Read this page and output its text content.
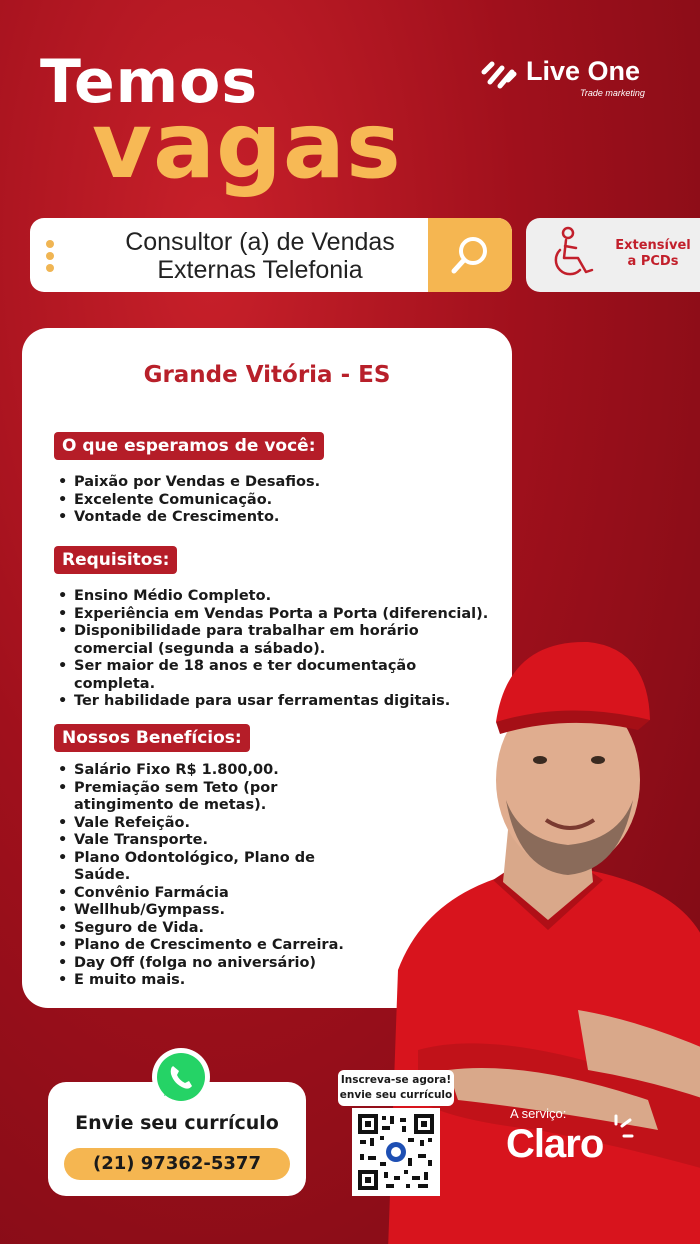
Temos
vagas
Live One
Trade marketing
Consultor (a) de Vendas
Externas Telefonia
Extensível
a PCDs
Grande Vitória - ES
O que esperamos de você:
• Paixão por Vendas e Desafios.
• Excelente Comunicação.
• Vontade de Crescimento.
Requisitos:
• Ensino Médio Completo.
• Experiência em Vendas Porta a Porta (diferencial).
• Disponibilidade para trabalhar em horário comercial (segunda a sábado).
• Ser maior de 18 anos e ter documentação completa.
• Ter habilidade para usar ferramentas digitais.
Nossos Benefícios:
• Salário Fixo R$ 1.800,00.
• Premiação sem Teto (por atingimento de metas).
• Vale Refeição.
• Vale Transporte.
• Plano Odontológico, Plano de Saúde.
• Convênio Farmácia
• Wellhub/Gympass.
• Seguro de Vida.
• Plano de Crescimento e Carreira.
• Day Off (folga no aniversário)
• E muito mais.
Envie seu currículo
(21) 97362-5377
Inscreva-se agora!
envie seu currículo
A serviço:
Claro
